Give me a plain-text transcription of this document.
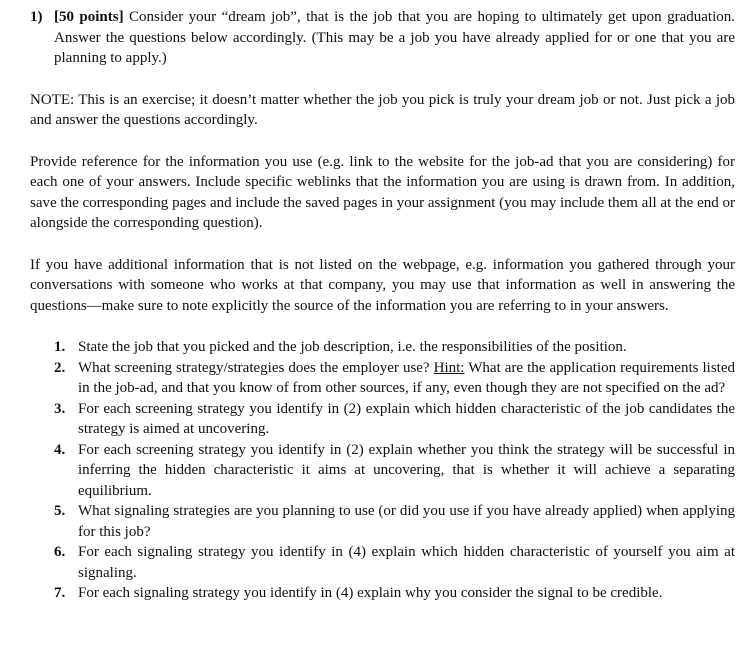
1) [50 points] Consider your “dream job”, that is the job that you are hoping to ultimately get upon graduation. Answer the questions below accordingly. (This may be a job you have already applied for or one that you are planning to apply.)

NOTE: This is an exercise; it doesn’t matter whether the job you pick is truly your dream job or not. Just pick a job and answer the questions accordingly.

Provide reference for the information you use (e.g. link to the website for the job-ad that you are considering) for each one of your answers. Include specific weblinks that the information you are using is drawn from. In addition, save the corresponding pages and include the saved pages in your assignment (you may include them all at the end or alongside the corresponding question).

If you have additional information that is not listed on the webpage, e.g. information you gathered through your conversations with someone who works at that company, you may use that information as well in answering the questions—make sure to note explicitly the source of the information you are referring to in your answers.

1. State the job that you picked and the job description, i.e. the responsibilities of the position.
2. What screening strategy/strategies does the employer use? Hint: What are the application requirements listed in the job-ad, and that you know of from other sources, if any, even though they are not specified on the ad?
3. For each screening strategy you identify in (2) explain which hidden characteristic of the job candidates the strategy is aimed at uncovering.
4. For each screening strategy you identify in (2) explain whether you think the strategy will be successful in inferring the hidden characteristic it aims at uncovering, that is whether it will achieve a separating equilibrium.
5. What signaling strategies are you planning to use (or did you use if you have already applied) when applying for this job?
6. For each signaling strategy you identify in (4) explain which hidden characteristic of yourself you aim at signaling.
7. For each signaling strategy you identify in (4) explain why you consider the signal to be credible.
